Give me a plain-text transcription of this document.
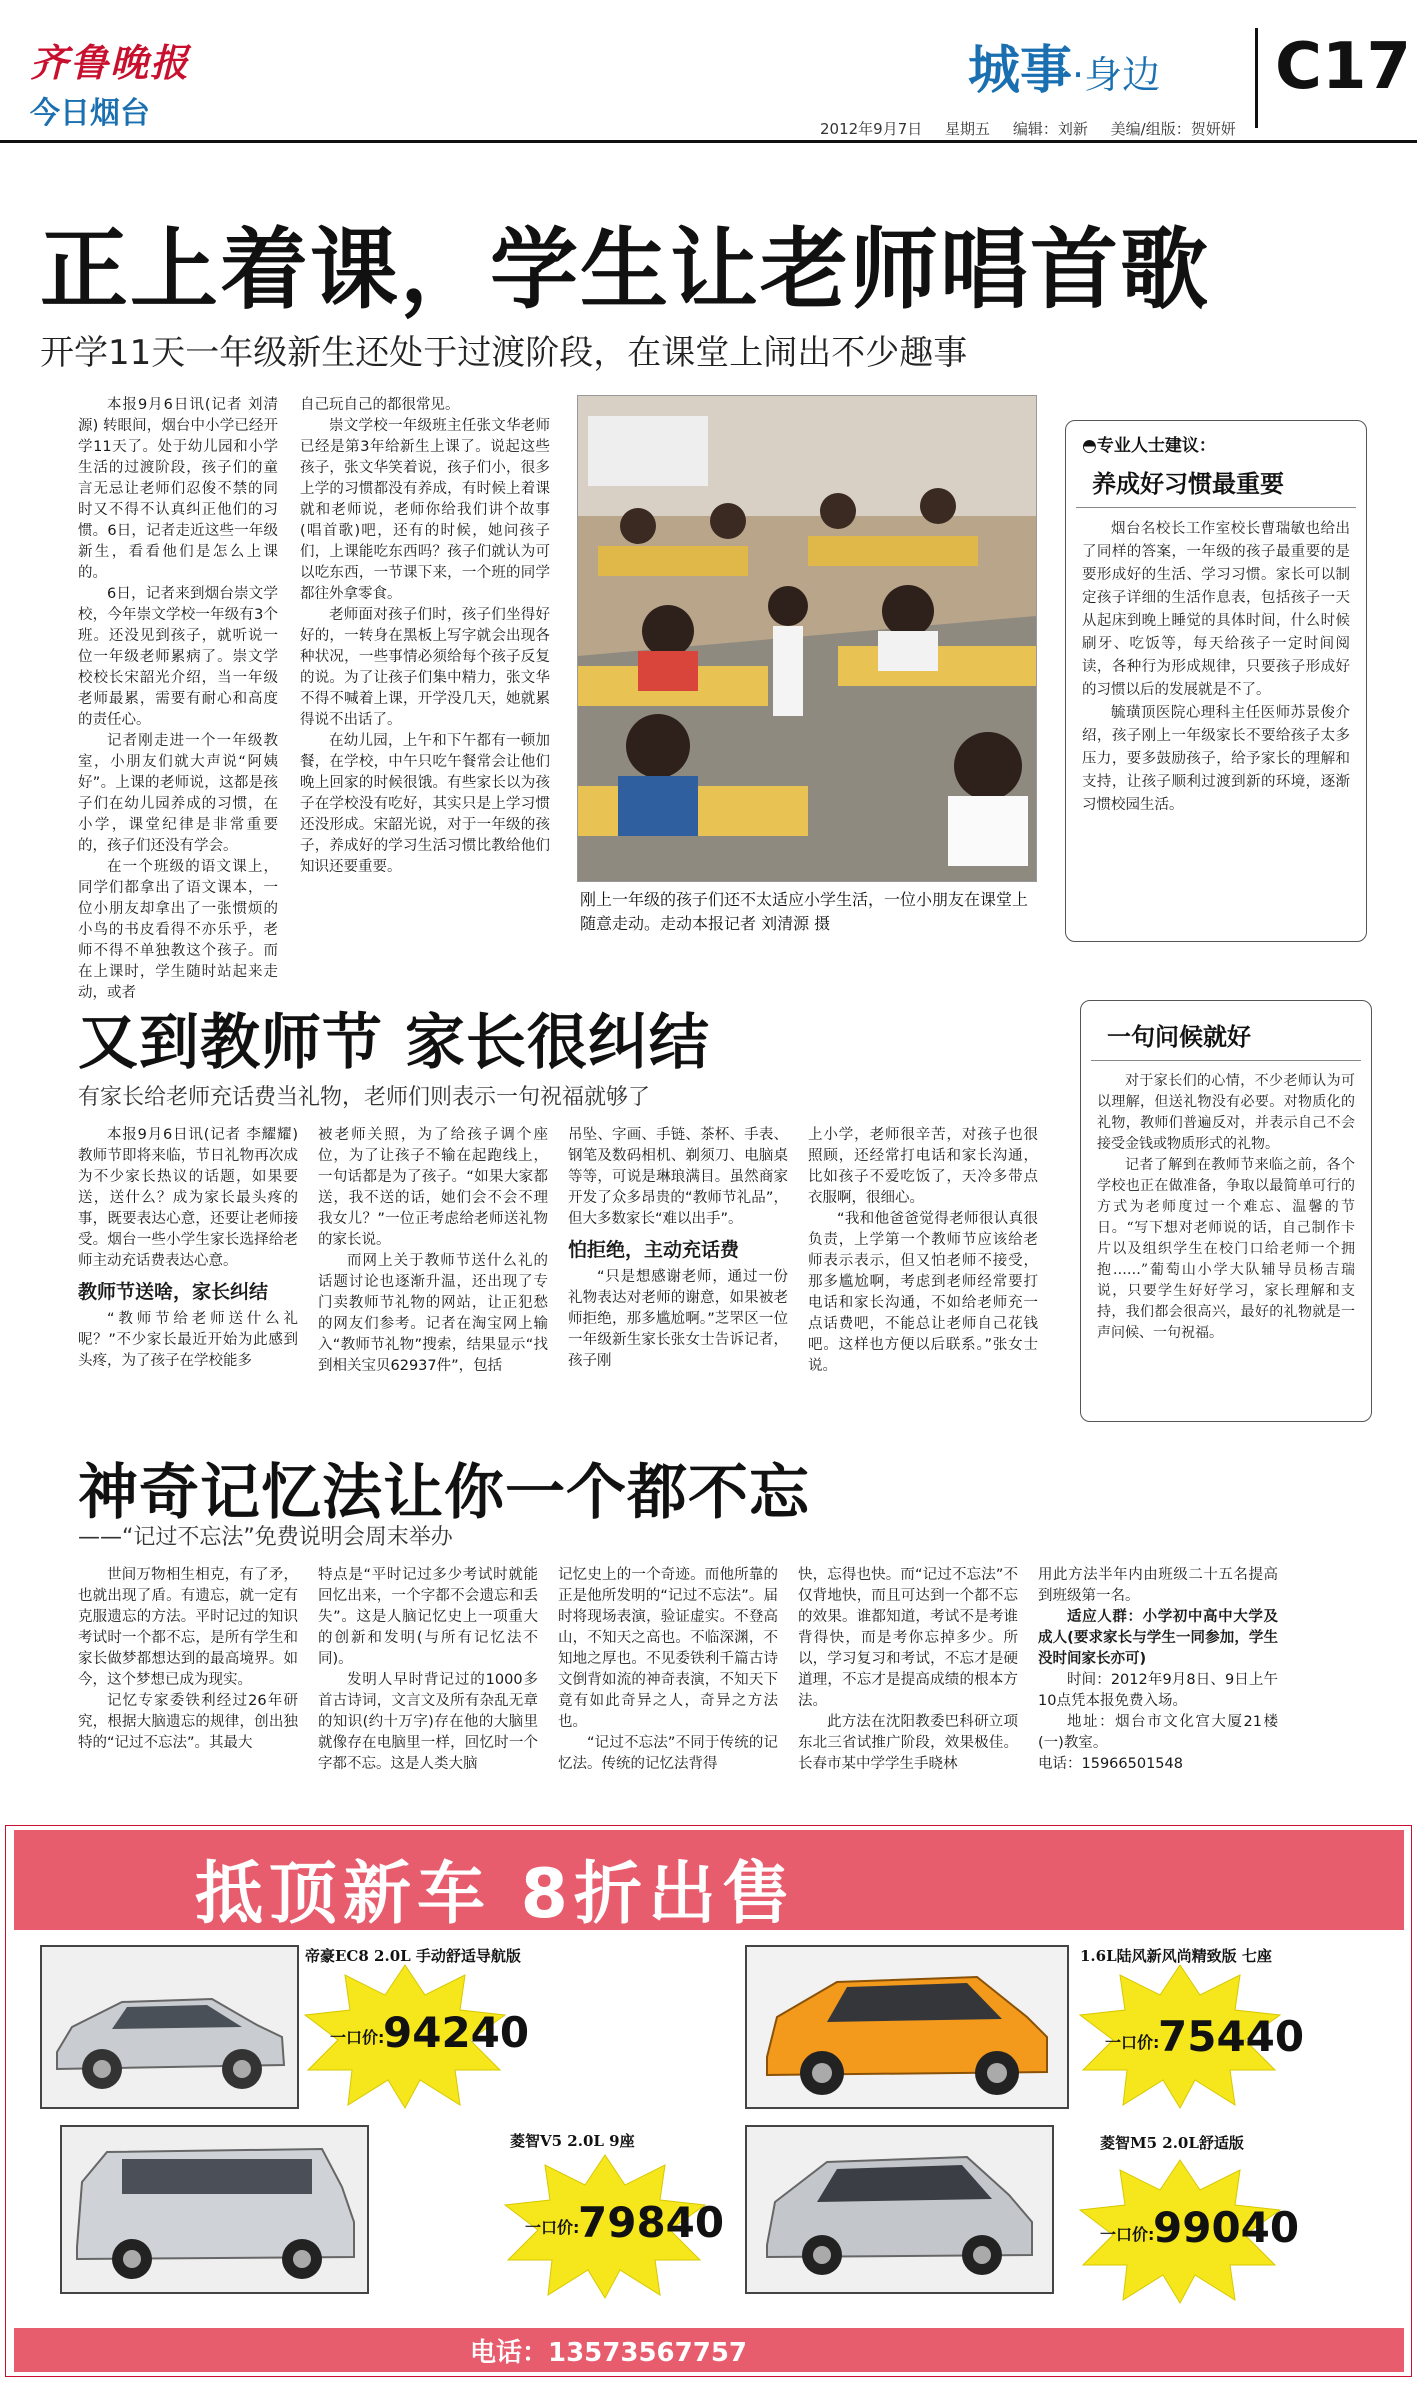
齐鲁晚报
今日烟台
城事·身边 C17
2012年9月7日 星期五 编辑：刘新 美编/组版：贺妍妍
正上着课，学生让老师唱首歌
开学11天一年级新生还处于过渡阶段，在课堂上闹出不少趣事

本报9月6日讯(记者 刘清源) 转眼间，烟台中小学已经开学11天了。处于幼儿园和小学生活的过渡阶段，孩子们的童言无忌让老师们忍俊不禁的同时又不得不认真纠正他们的习惯。6日，记者走近这些一年级新生，看看他们是怎么上课的。

6日，记者来到烟台崇文学校，今年崇文学校一年级有3个班。还没见到孩子，就听说一位一年级老师累病了。崇文学校校长宋韶光介绍，当一年级老师最累，需要有耐心和高度的责任心。

记者刚走进一个一年级教室，小朋友们就大声说“阿姨好”。上课的老师说，这都是孩子们在幼儿园养成的习惯，在小学，课堂纪律是非常重要的，孩子们还没有学会。

在一个班级的语文课上，同学们都拿出了语文课本，一位小朋友却拿出了一张惯烦的小鸟的书皮看得不亦乐乎，老师不得不单独教这个孩子。而在上课时，学生随时站起来走动，或者

自己玩自己的都很常见。

崇文学校一年级班主任张文华老师已经是第3年给新生上课了。说起这些孩子，张文华笑着说，孩子们小，很多上学的习惯都没有养成，有时候上着课就和老师说，老师你给我们讲个故事(唱首歌)吧，还有的时候，她问孩子们，上课能吃东西吗？孩子们就认为可以吃东西，一节课下来，一个班的同学都往外拿零食。

老师面对孩子们时，孩子们坐得好好的，一转身在黑板上写字就会出现各种状况，一些事情必须给每个孩子反复的说。为了让孩子们集中精力，张文华不得不喊着上课，开学没几天，她就累得说不出话了。

在幼儿园，上午和下午都有一顿加餐，在学校，中午只吃午餐常会让他们晚上回家的时候很饿。有些家长以为孩子在学校没有吃好，其实只是上学习惯还没形成。宋韶光说，对于一年级的孩子，养成好的学习生活习惯比教给他们知识还要重要。

刚上一年级的孩子们还不太适应小学生活，一位小朋友在课堂上随意走动。走动本报记者 刘清源 摄
◓专业人士建议：
养成好习惯最重要

烟台名校长工作室校长曹瑞敏也给出了同样的答案，一年级的孩子最重要的是要形成好的生活、学习习惯。家长可以制定孩子详细的生活作息表，包括孩子一天从起床到晚上睡觉的具体时间，什么时候刷牙、吃饭等，每天给孩子一定时间阅读，各种行为形成规律，只要孩子形成好的习惯以后的发展就是不了。

毓璜顶医院心理科主任医师苏景俊介绍，孩子刚上一年级家长不要给孩子太多压力，要多鼓励孩子，给予家长的理解和支持，让孩子顺利过渡到新的环境，逐渐习惯校园生活。

又到教师节 家长很纠结
有家长给老师充话费当礼物，老师们则表示一句祝福就够了

本报9月6日讯(记者 李耀耀) 教师节即将来临，节日礼物再次成为不少家长热议的话题，如果要送，送什么？成为家长最头疼的事，既要表达心意，还要让老师接受。烟台一些小学生家长选择给老师主动充话费表达心意。

教师节送啥，家长纠结

“教师节给老师送什么礼呢？”不少家长最近开始为此感到头疼，为了孩子在学校能多

被老师关照，为了给孩子调个座位，为了让孩子不输在起跑线上，一句话都是为了孩子。“如果大家都送，我不送的话，她们会不会不理我女儿？”一位正考虑给老师送礼物的家长说。

而网上关于教师节送什么礼的话题讨论也逐渐升温，还出现了专门卖教师节礼物的网站，让正犯愁的网友们参考。记者在淘宝网上输入“教师节礼物”搜索，结果显示“找到相关宝贝62937件”，包括

吊坠、字画、手链、茶杯、手表、钢笔及数码相机、剃须刀、电脑桌等等，可说是琳琅满目。虽然商家开发了众多昂贵的“教师节礼品”，但大多数家长“难以出手”。

怕拒绝，主动充话费

“只是想感谢老师，通过一份礼物表达对老师的谢意，如果被老师拒绝，那多尴尬啊。”芝罘区一位一年级新生家长张女士告诉记者，孩子刚

上小学，老师很辛苦，对孩子也很照顾，还经常打电话和家长沟通，比如孩子不爱吃饭了，天冷多带点衣服啊，很细心。

“我和他爸爸觉得老师很认真很负责，上学第一个教师节应该给老师表示表示，但又怕老师不接受，那多尴尬啊，考虑到老师经常要打电话和家长沟通，不如给老师充一点话费吧，不能总让老师自己花钱吧。这样也方便以后联系。”张女士说。

一句问候就好

对于家长们的心情，不少老师认为可以理解，但送礼物没有必要。对物质化的礼物，教师们普遍反对，并表示自己不会接受金钱或物质形式的礼物。

记者了解到在教师节来临之前，各个学校也正在做准备，争取以最简单可行的方式为老师度过一个难忘、温馨的节日。“写下想对老师说的话，自己制作卡片以及组织学生在校门口给老师一个拥抱……”葡萄山小学大队辅导员杨吉瑞说，只要学生好好学习，家长理解和支持，我们都会很高兴，最好的礼物就是一声问候、一句祝福。

神奇记忆法让你一个都不忘
——“记过不忘法”免费说明会周末举办

世间万物相生相克，有了矛，也就出现了盾。有遗忘，就一定有克服遗忘的方法。平时记过的知识考试时一个都不忘，是所有学生和家长做梦都想达到的最高境界。如今，这个梦想已成为现实。

记忆专家委铁利经过26年研究，根据大脑遗忘的规律，创出独特的“记过不忘法”。其最大

特点是“平时记过多少考试时就能回忆出来，一个字都不会遗忘和丢失”。这是人脑记忆史上一项重大的创新和发明(与所有记忆法不同)。

发明人早时背记过的1000多首古诗词，文言文及所有杂乱无章的知识(约十万字)存在他的大脑里就像存在电脑里一样，回忆时一个字都不忘。这是人类大脑

记忆史上的一个奇迹。而他所靠的正是他所发明的“记过不忘法”。届时将现场表演，验证虚实。不登高山，不知天之高也。不临深渊，不知地之厚也。不见委铁利千篇古诗文倒背如流的神奇表演，不知天下竟有如此奇异之人，奇异之方法也。

“记过不忘法”不同于传统的记忆法。传统的记忆法背得

快，忘得也快。而“记过不忘法”不仅背地快，而且可达到一个都不忘的效果。谁都知道，考试不是考谁背得快，而是考你忘掉多少。所以，学习复习和考试，不忘才是硬道理，不忘才是提高成绩的根本方法。

此方法在沈阳教委巴科研立项东北三省试推广阶段，效果极佳。长春市某中学学生手晓林

用此方法半年内由班级二十五名提高到班级第一名。

适应人群：小学初中高中大学及成人(要求家长与学生一同参加，学生没时间家长亦可)

时间：2012年9月8日、9日上午10点凭本报免费入场。

地址：烟台市文化宫大厦21楼(一)教室。

电话：15966501548

抵顶新车 8折出售
帝豪EC8 2.0L 手动舒适导航版
一口价:
94240
1.6L陆风新风尚精致版 七座
一口价:
75440
菱智V5 2.0L 9座
一口价:
79840
菱智M5 2.0L舒适版
一口价:
99040
电话：13573567757
